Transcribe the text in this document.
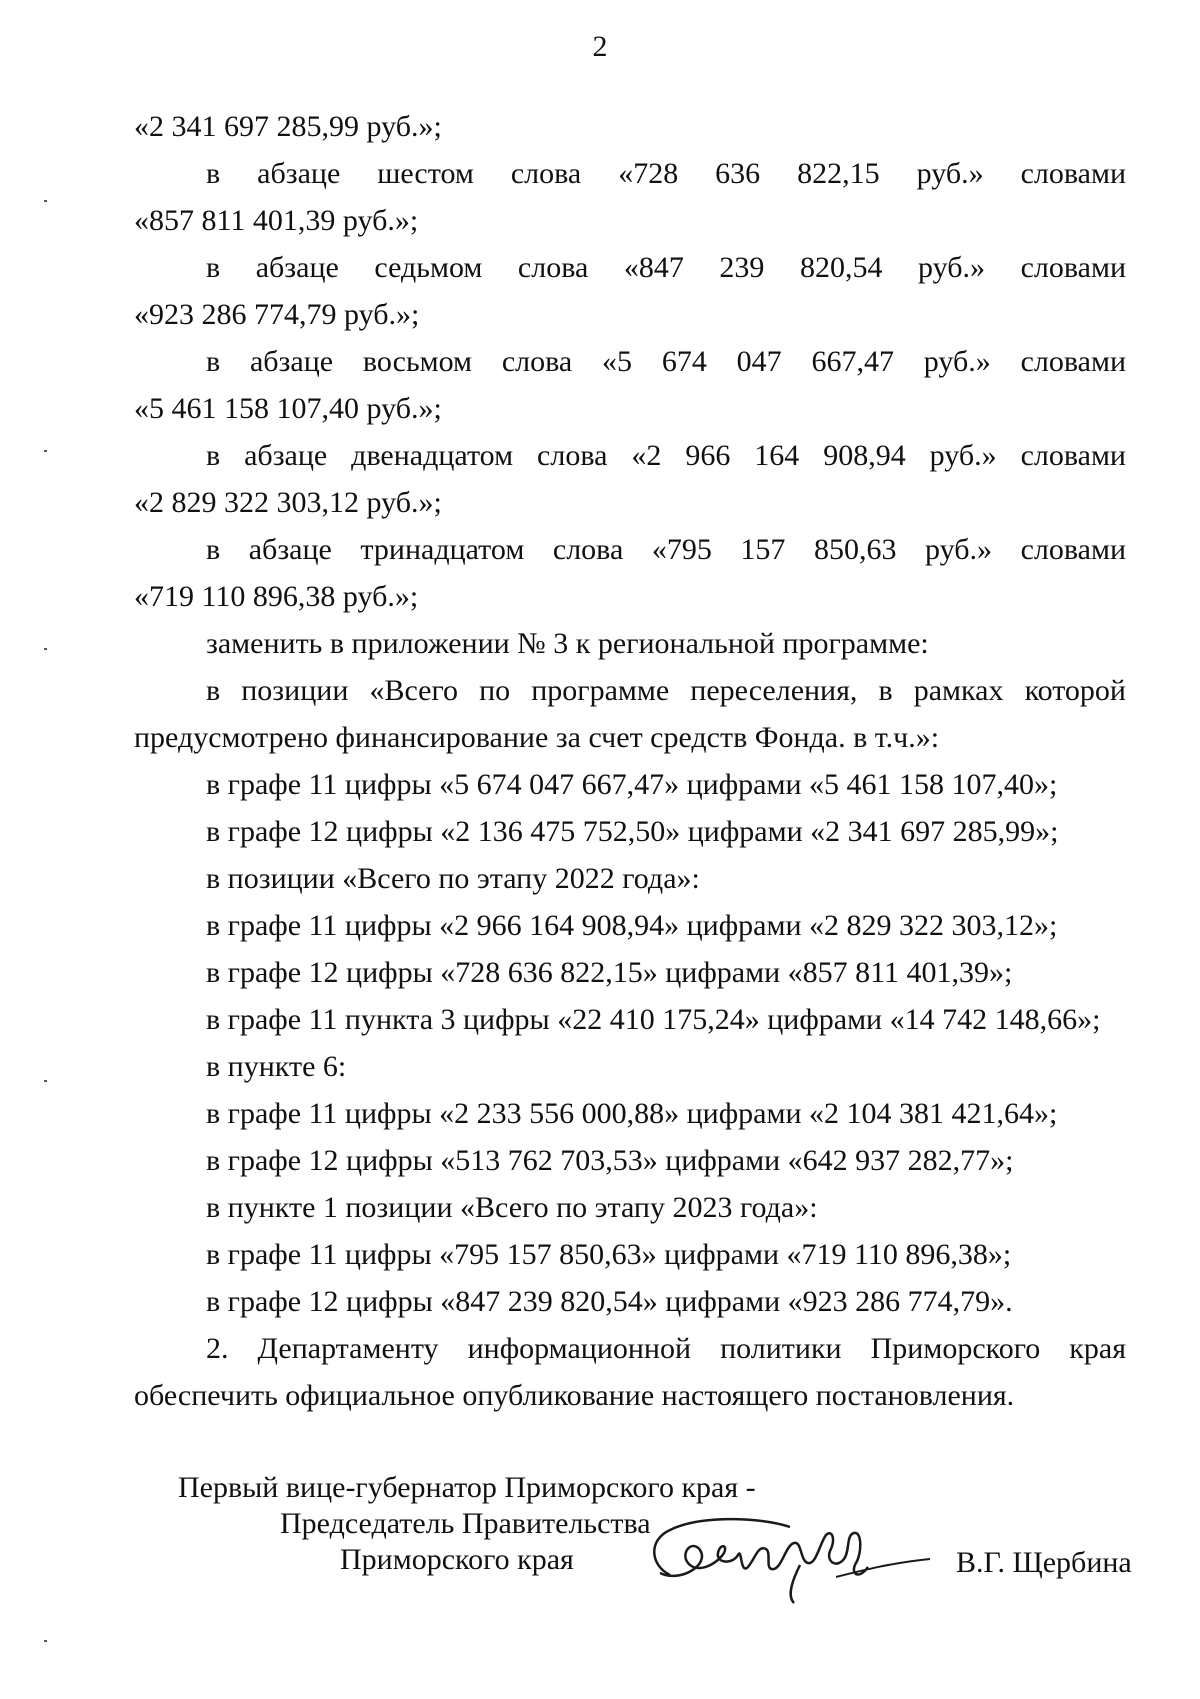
2
«2 341 697 285,99 руб.»;
в абзаце шестом слова «728 636 822,15 руб.» словами
«857 811 401,39 руб.»;
в абзаце седьмом слова «847 239 820,54 руб.» словами
«923 286 774,79 руб.»;
в абзаце восьмом слова «5 674 047 667,47 руб.» словами
«5 461 158 107,40 руб.»;
в абзаце двенадцатом слова «2 966 164 908,94 руб.» словами
«2 829 322 303,12 руб.»;
в абзаце тринадцатом слова «795 157 850,63 руб.» словами
«719 110 896,38 руб.»;
заменить в приложении № 3 к региональной программе:
в позиции «Всего по программе переселения, в рамках которой
предусмотрено финансирование за счет средств Фонда. в т.ч.»:
в графе 11 цифры «5 674 047 667,47» цифрами «5 461 158 107,40»;
в графе 12 цифры «2 136 475 752,50» цифрами «2 341 697 285,99»;
в позиции «Всего по этапу 2022 года»:
в графе 11 цифры «2 966 164 908,94» цифрами «2 829 322 303,12»;
в графе 12 цифры «728 636 822,15» цифрами «857 811 401,39»;
в графе 11 пункта 3 цифры «22 410 175,24» цифрами «14 742 148,66»;
в пункте 6:
в графе 11 цифры «2 233 556 000,88» цифрами «2 104 381 421,64»;
в графе 12 цифры «513 762 703,53» цифрами «642 937 282,77»;
в пункте 1 позиции «Всего по этапу 2023 года»:
в графе 11 цифры «795 157 850,63» цифрами «719 110 896,38»;
в графе 12 цифры «847 239 820,54» цифрами «923 286 774,79».
2. Департаменту информационной политики Приморского края
обеспечить официальное опубликование настоящего постановления.
Первый вице-губернатор Приморского края -
Председатель Правительства
Приморского края	В.Г. Щербина
